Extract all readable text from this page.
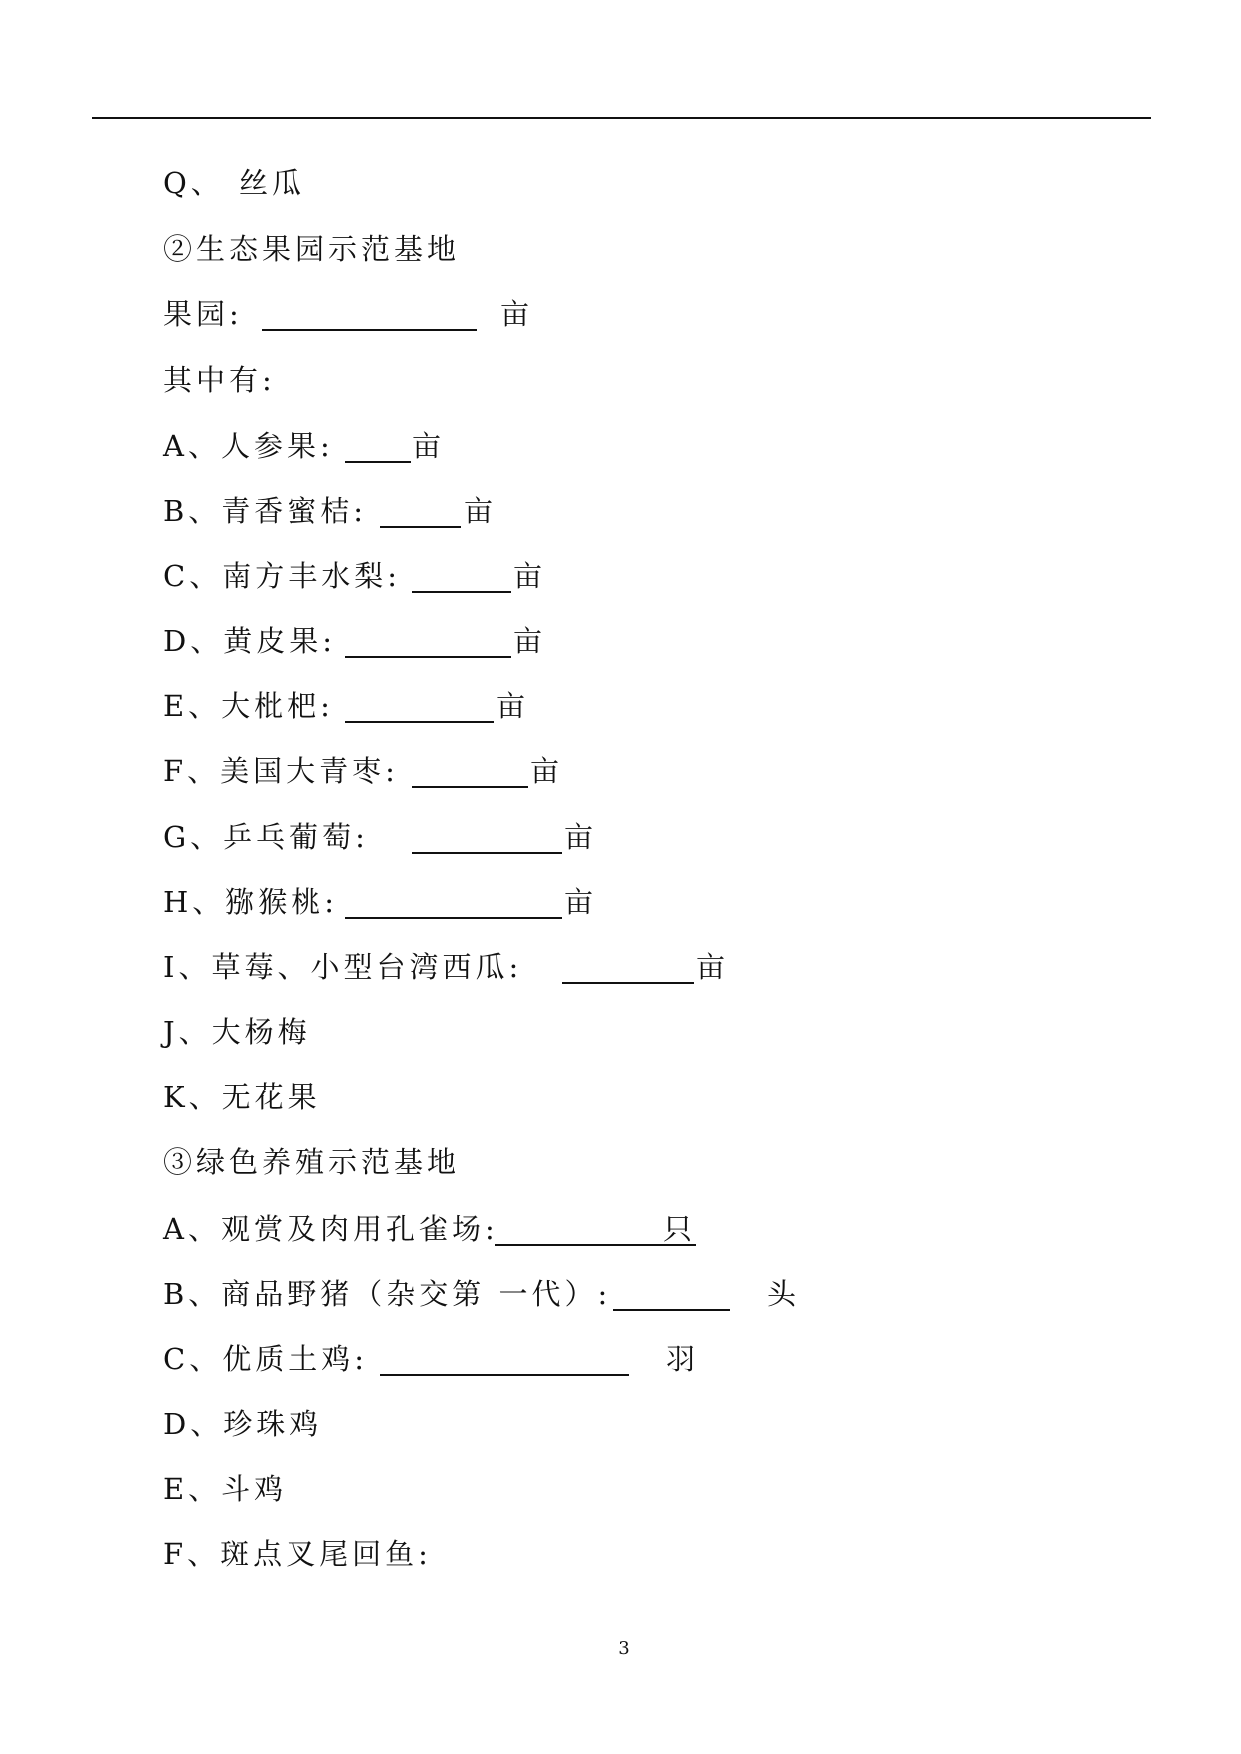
Q、 丝瓜
②生态果园示范基地
果园:	亩
其中有:
A、人参果:	亩
B、青香蜜桔:	亩
C、南方丰水梨:	亩
D、黄皮果:	亩
E、大枇杷:	亩
F、美国大青枣:	亩
G、乒乓葡萄:	亩
H、猕猴桃:	亩
I、草莓、小型台湾西瓜:	亩
J、大杨梅
K、无花果
③绿色养殖示范基地
A、观赏及肉用孔雀场:	只
B、商品野猪（杂交第 一代）:	头
C、优质土鸡:	羽
D、珍珠鸡
E、斗鸡
F、斑点叉尾回鱼:
3
